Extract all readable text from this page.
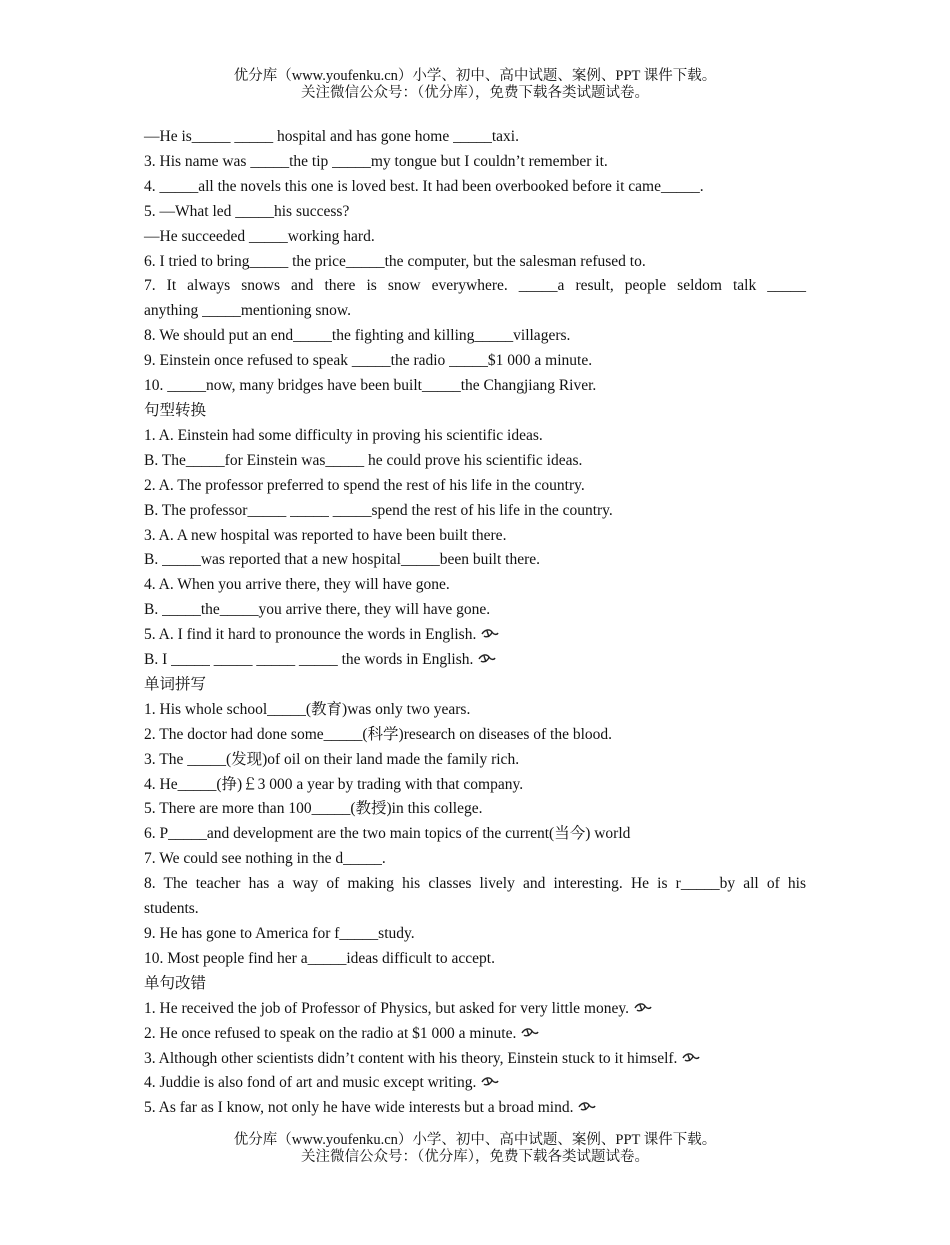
优分库（www.youfenku.cn）小学、初中、高中试题、案例、PPT 课件下载。
关注微信公众号：（优分库），免费下载各类试题试卷。
—He is_____ _____ hospital and has gone home _____taxi.
3. His name was _____the tip _____my tongue but I couldn’t remember it.
4. _____all the novels this one is loved best. It had been overbooked before it came_____.
5. —What led _____his success?
—He succeeded _____working hard.
6. I tried to bring_____ the price_____the computer, but the salesman refused to.
7. It always snows and there is snow everywhere. _____a result, people seldom talk _____
anything _____mentioning snow.
8. We should put an end_____the fighting and killing_____villagers.
9. Einstein once refused to speak _____the radio _____$1 000 a minute.
10. _____now, many bridges have been built_____the Changjiang River.
句型转换
1. A. Einstein had some difficulty in proving his scientific ideas.
B. The_____for Einstein was_____ he could prove his scientific ideas.
2. A. The professor preferred to spend the rest of his life in the country.
B. The professor_____ _____ _____spend the rest of his life in the country.
3. A. A new hospital was reported to have been built there.
B. _____was reported that a new hospital_____been built there.
4. A. When you arrive there, they will have gone.
B. _____the_____you arrive there, they will have gone.
5. A. I find it hard to pronounce the words in English.
B. I _____ _____ _____ _____ the words in English.
单词拼写
1. His whole school_____(教育)was only two years.
2. The doctor had done some_____(科学)research on diseases of the blood.
3. The _____(发现)of oil on their land made the family rich.
4. He_____(挣)￡3 000 a year by trading with that company.
5. There are more than 100_____(教授)in this college.
6. P_____and development are the two main topics of the current(当今) world
7. We could see nothing in the d_____.
8. The teacher has a way of making his classes lively and interesting. He is r_____by all of his
students.
9. He has gone to America for f_____study.
10. Most people find her a_____ideas difficult to accept.
单句改错
1. He received the job of Professor of Physics, but asked for very little money.
2. He once refused to speak on the radio at $1 000 a minute.
3. Although other scientists didn’t content with his theory, Einstein stuck to it himself.
4. Juddie is also fond of art and music except writing.
5. As far as I know, not only he have wide interests but a broad mind.
优分库（www.youfenku.cn）小学、初中、高中试题、案例、PPT 课件下载。
关注微信公众号：（优分库），免费下载各类试题试卷。
